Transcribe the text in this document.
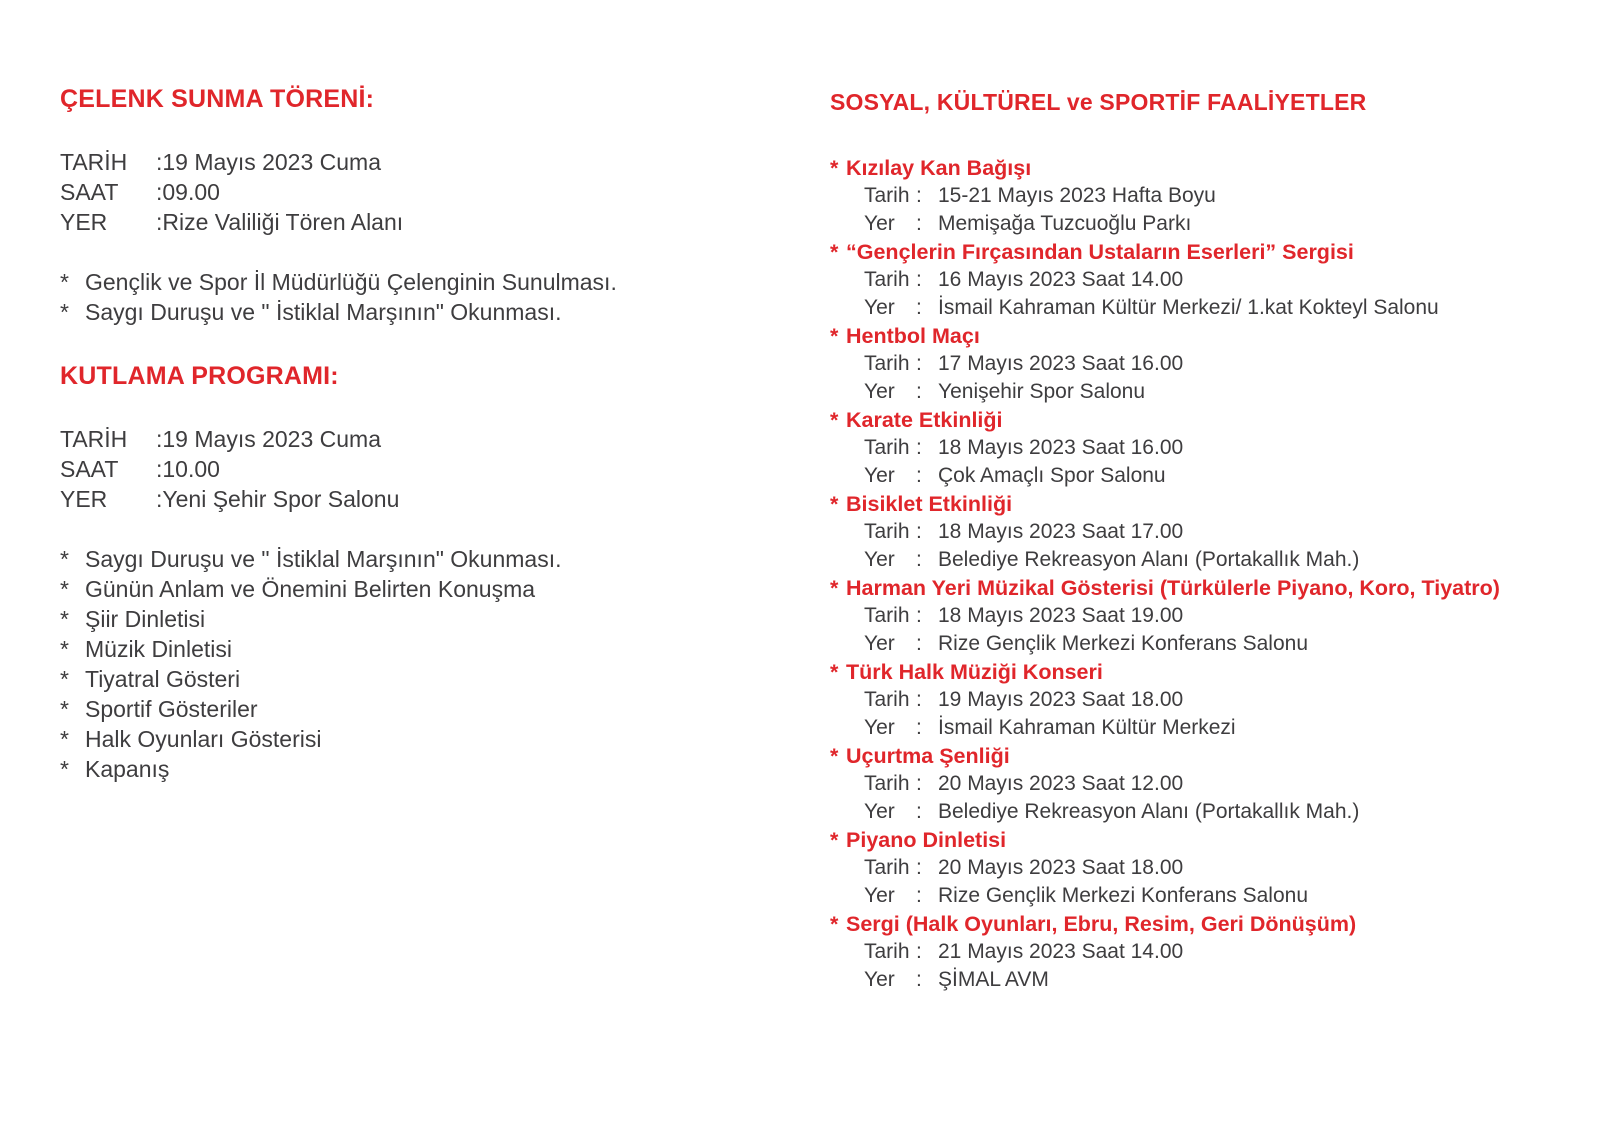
ÇELENK SUNMA TÖRENİ:
TARİH	:19 Mayıs 2023 Cuma
SAAT	:09.00
YER	:Rize Valiliği Tören Alanı
* Gençlik ve Spor İl Müdürlüğü Çelenginin Sunulması.
* Saygı Duruşu ve " İstiklal Marşının" Okunması.
KUTLAMA PROGRAMI:
TARİH	:19 Mayıs 2023 Cuma
SAAT	:10.00
YER	:Yeni Şehir Spor Salonu
* Saygı Duruşu ve " İstiklal Marşının" Okunması.
* Günün Anlam ve Önemini Belirten Konuşma
* Şiir Dinletisi
* Müzik Dinletisi
* Tiyatral Gösteri
* Sportif Gösteriler
* Halk Oyunları Gösterisi
* Kapanış
SOSYAL, KÜLTÜREL ve SPORTİF FAALİYETLER
* Kızılay Kan Bağışı
Tarih : 15-21 Mayıs 2023 Hafta Boyu
Yer	: Memişağa Tuzcuoğlu Parkı
* “Gençlerin Fırçasından Ustaların Eserleri” Sergisi
Tarih : 16 Mayıs 2023 Saat 14.00
Yer	: İsmail Kahraman Kültür Merkezi/ 1.kat Kokteyl Salonu
* Hentbol Maçı
Tarih : 17 Mayıs 2023 Saat 16.00
Yer	: Yenişehir Spor Salonu
* Karate Etkinliği
Tarih : 18 Mayıs 2023 Saat 16.00
Yer	: Çok Amaçlı Spor Salonu
* Bisiklet Etkinliği
Tarih : 18 Mayıs 2023 Saat 17.00
Yer	: Belediye Rekreasyon Alanı (Portakallık Mah.)
* Harman Yeri Müzikal Gösterisi (Türkülerle Piyano, Koro, Tiyatro)
Tarih : 18 Mayıs 2023 Saat 19.00
Yer	: Rize Gençlik Merkezi Konferans Salonu
* Türk Halk Müziği Konseri
Tarih : 19 Mayıs 2023 Saat 18.00
Yer	: İsmail Kahraman Kültür Merkezi
* Uçurtma Şenliği
Tarih : 20 Mayıs 2023 Saat 12.00
Yer	: Belediye Rekreasyon Alanı (Portakallık Mah.)
* Piyano Dinletisi
Tarih : 20 Mayıs 2023 Saat 18.00
Yer	: Rize Gençlik Merkezi Konferans Salonu
* Sergi (Halk Oyunları, Ebru, Resim, Geri Dönüşüm)
Tarih : 21 Mayıs 2023 Saat 14.00
Yer	: ŞİMAL AVM
